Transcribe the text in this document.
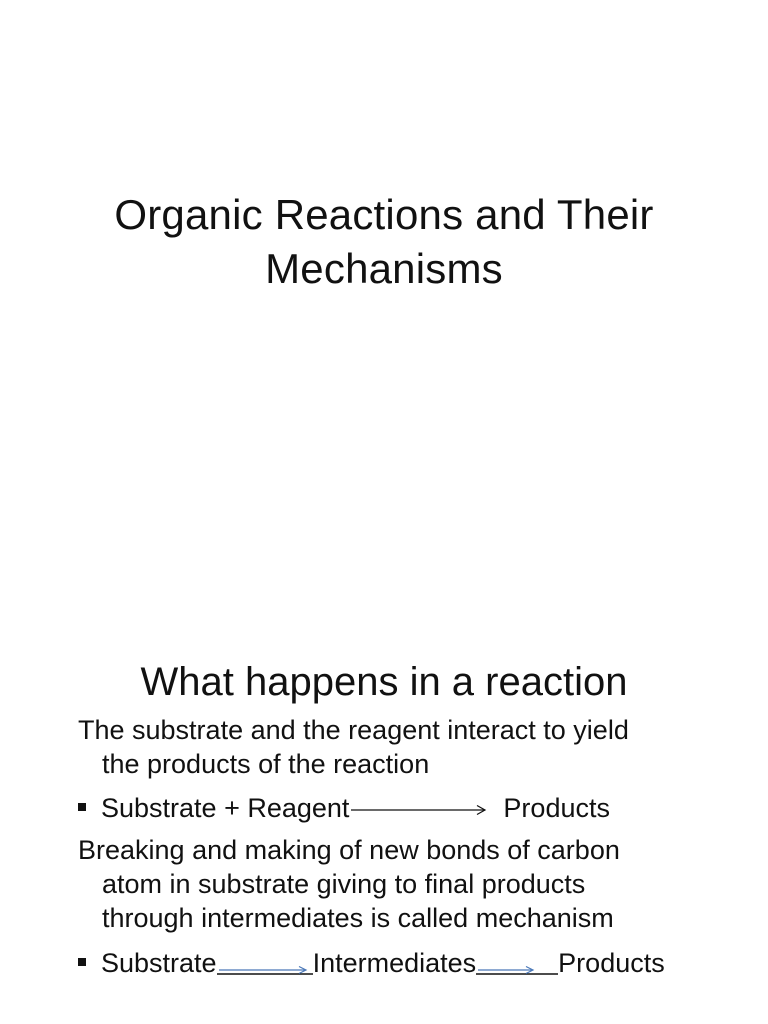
Organic Reactions and Their
Mechanisms
What happens in a reaction
The substrate and the reagent interact to yield
the products of the reaction
Substrate + Reagent	Products
Breaking and making of new bonds of carbon
atom in substrate giving to final products
through intermediates is called mechanism
Substrate	Intermediates	Products
